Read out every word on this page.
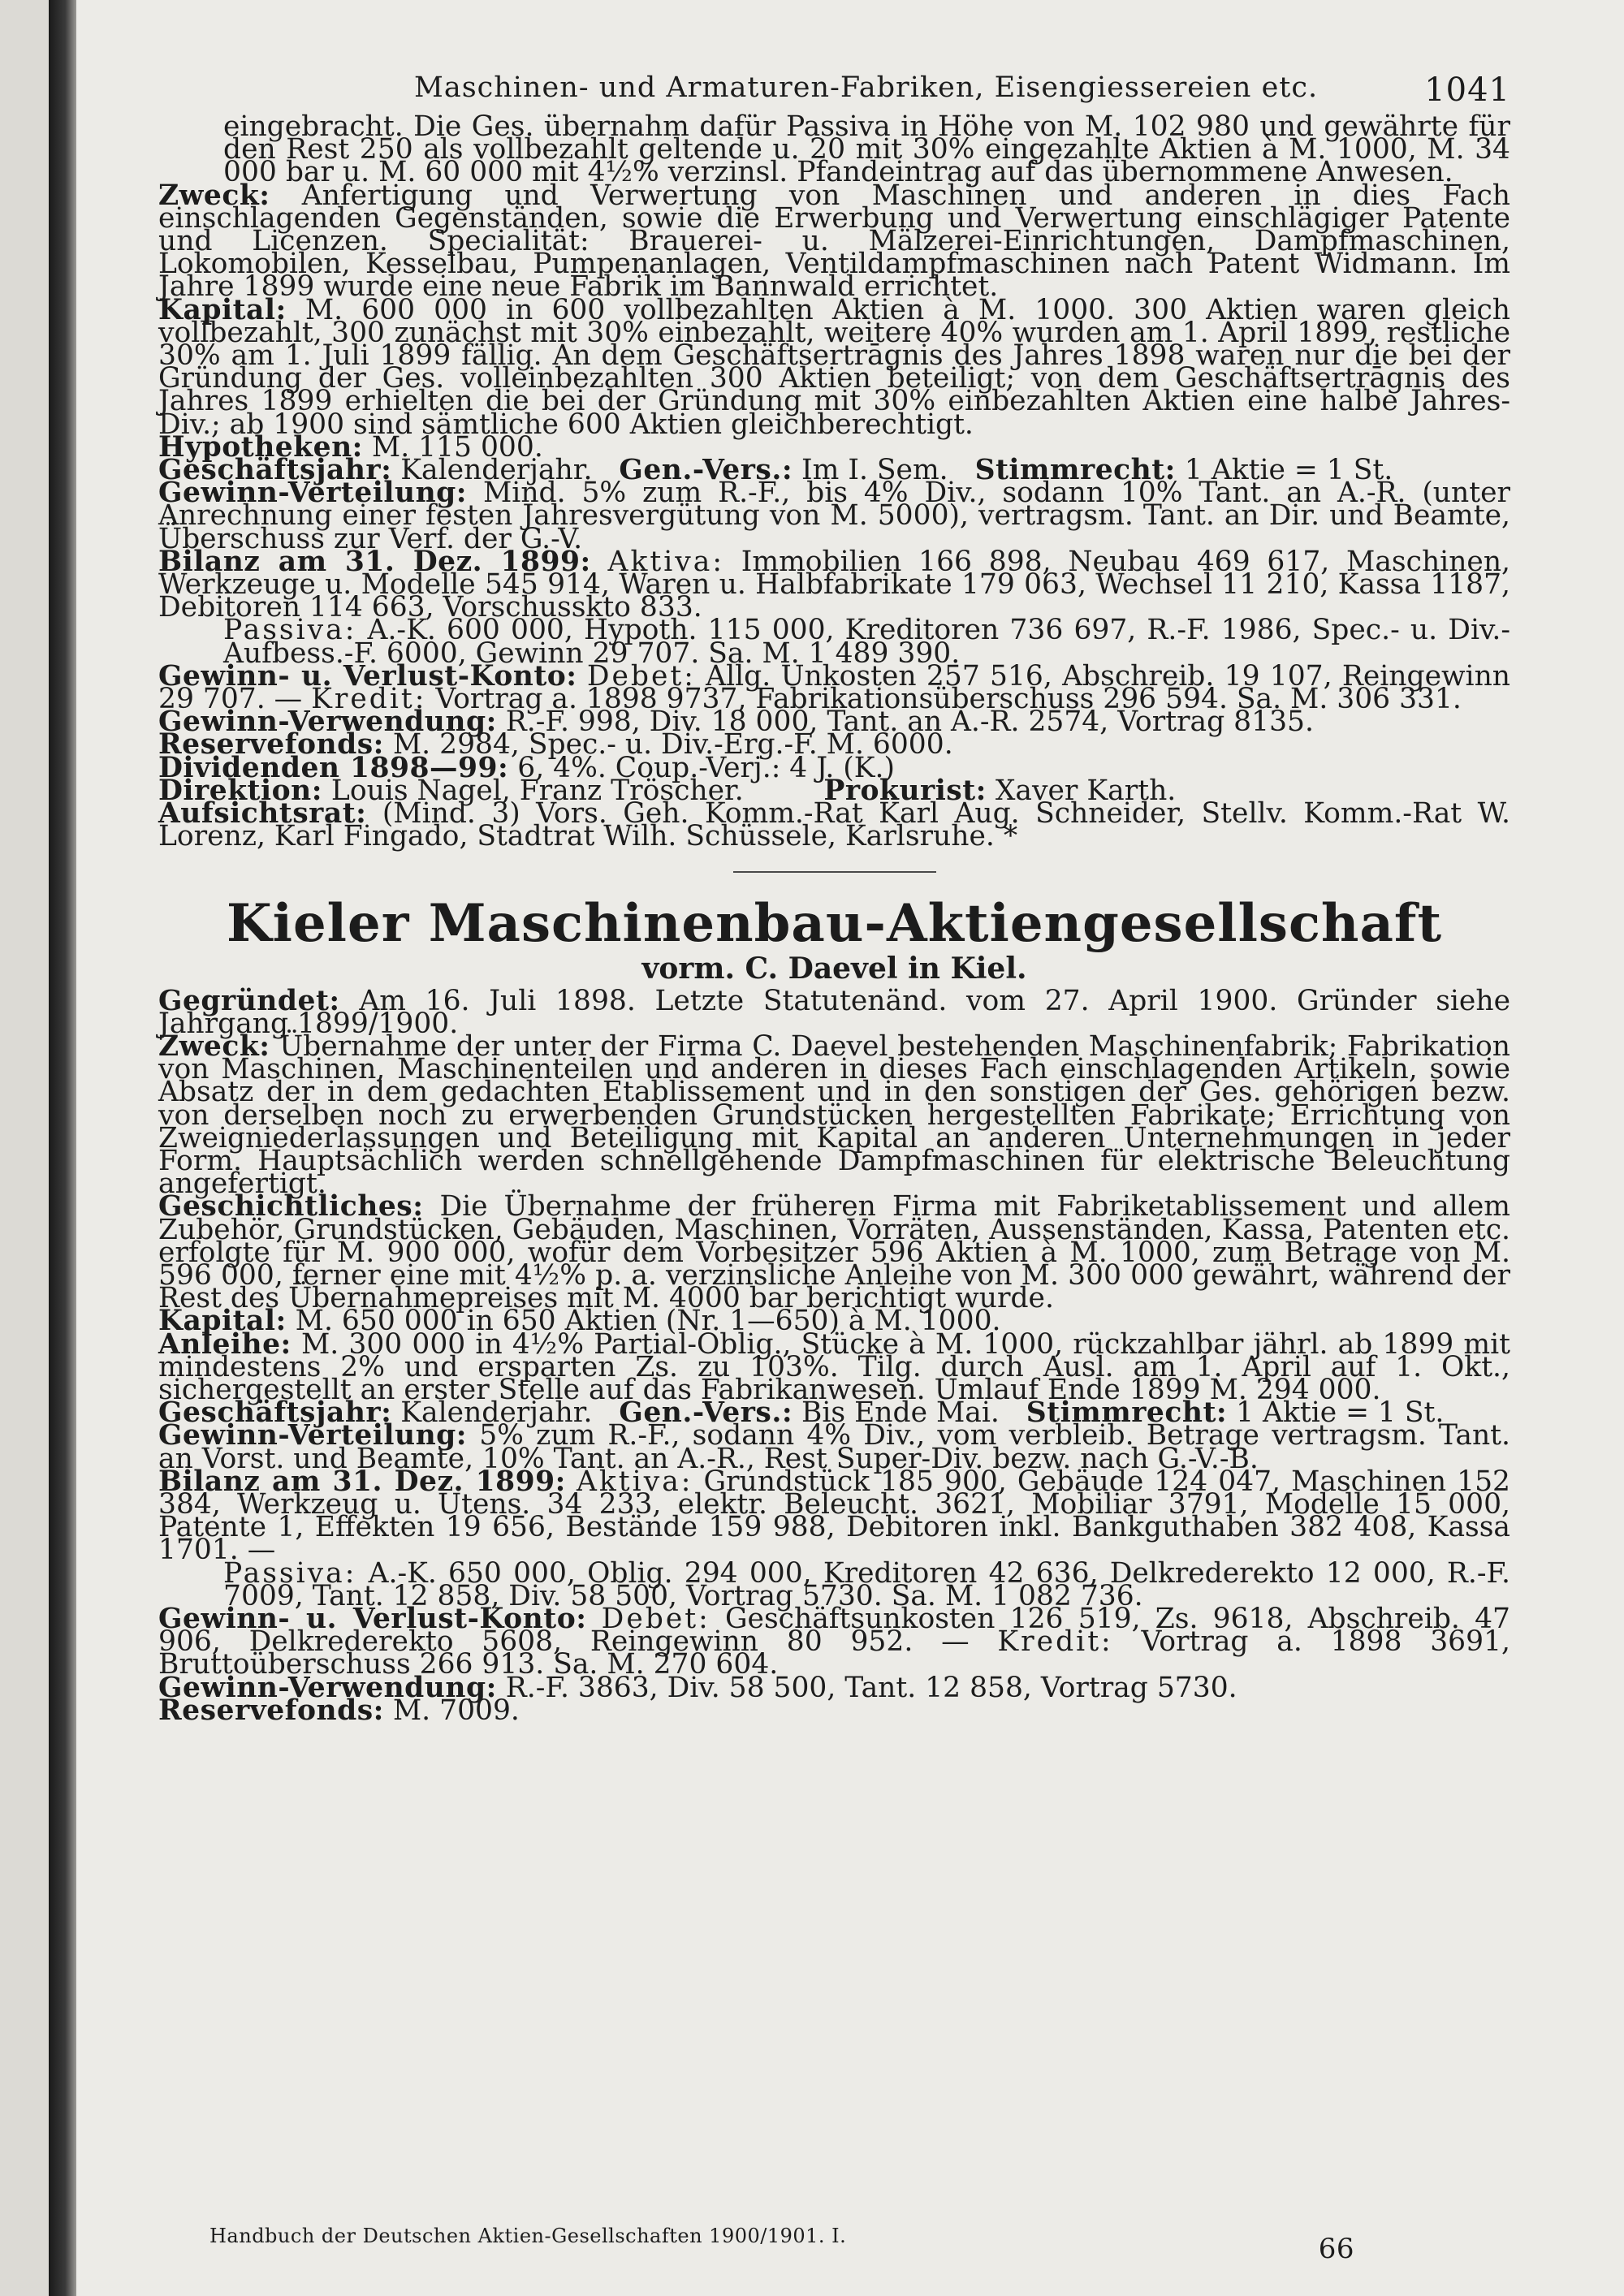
Maschinen- und Armaturen-Fabriken, Eisengiessereien etc.	1041

eingebracht. Die Ges. übernahm dafür Passiva in Höhe von M. 102 980 und gewährte für den Rest 250 als vollbezahlt geltende u. 20 mit 30% eingezahlte Aktien à M. 1000, M. 34 000 bar u. M. 60 000 mit 4½% verzinsl. Pfandeintrag auf das übernommene Anwesen.

Zweck: Anfertigung und Verwertung von Maschinen und anderen in dies Fach einschlagenden Gegenständen, sowie die Erwerbung und Verwertung einschlägiger Patente und Licenzen. Specialität: Brauerei- u. Mälzerei-Einrichtungen, Dampfmaschinen, Lokomobilen, Kesselbau, Pumpenanlagen, Ventildampfmaschinen nach Patent Widmann. Im Jahre 1899 wurde eine neue Fabrik im Bannwald errichtet.

Kapital: M. 600 000 in 600 vollbezahlten Aktien à M. 1000. 300 Aktien waren gleich vollbezahlt, 300 zunächst mit 30% einbezahlt, weitere 40% wurden am 1. April 1899, restliche 30% am 1. Juli 1899 fällig. An dem Geschäftsertrāgnis des Jahres 1898 waren nur die bei der Gründung der Ges. volleinbezahlten 300 Aktien beteiligt; von dem Geschäftsertrāgnis des Jahres 1899 erhielten die bei der Gründung mit 30% einbezahlten Aktien eine halbe Jahres-Div.; ab 1900 sind sämtliche 600 Aktien gleichberechtigt.

Hypotheken: M. 115 000.

Geschäftsjahr: Kalenderjahr. Gen.-Vers.: Im I. Sem. Stimmrecht: 1 Aktie = 1 St.

Gewinn-Verteilung: Mind. 5% zum R.-F., bis 4% Div., sodann 10% Tant. an A.-R. (unter Anrechnung einer festen Jahresvergütung von M. 5000), vertragsm. Tant. an Dir. und Beamte, Überschuss zur Verf. der G.-V.

Bilanz am 31. Dez. 1899: Aktiva: Immobilien 166 898, Neubau 469 617, Maschinen, Werkzeuge u. Modelle 545 914, Waren u. Halbfabrikate 179 063, Wechsel 11 210, Kassa 1187, Debitoren 114 663, Vorschusskto 833.

Passiva: A.-K. 600 000, Hypoth. 115 000, Kreditoren 736 697, R.-F. 1986, Spec.- u. Div.-Aufbess.-F. 6000, Gewinn 29 707. Sa. M. 1 489 390.

Gewinn- u. Verlust-Konto: Debet: Allg. Unkosten 257 516, Abschreib. 19 107, Reingewinn 29 707. — Kredit: Vortrag a. 1898 9737, Fabrikationsüberschuss 296 594. Sa. M. 306 331.

Gewinn-Verwendung: R.-F. 998, Div. 18 000, Tant. an A.-R. 2574, Vortrag 8135.

Reservefonds: M. 2984, Spec.- u. Div.-Erg.-F. M. 6000.

Dividenden 1898—99: 6, 4%. Coup.-Verj.: 4 J. (K.)

Direktion: Louis Nagel, Franz Tröscher.	Prokurist: Xaver Karth.

Aufsichtsrat: (Mind. 3) Vors. Geh. Komm.-Rat Karl Aug. Schneider, Stellv. Komm.-Rat W. Lorenz, Karl Fingado, Stadtrat Wilh. Schüssele, Karlsruhe. *

Kieler Maschinenbau-Aktiengesellschaft
vorm. C. Daevel in Kiel.

Gegründet: Am 16. Juli 1898. Letzte Statutenänd. vom 27. April 1900. Gründer siehe Jahrgang 1899/1900.

Zweck: Übernahme der unter der Firma C. Daevel bestehenden Maschinenfabrik; Fabrikation von Maschinen, Maschinenteilen und anderen in dieses Fach einschlagenden Artikeln, sowie Absatz der in dem gedachten Etablissement und in den sonstigen der Ges. gehörigen bezw. von derselben noch zu erwerbenden Grundstücken hergestellten Fabrikate; Errichtung von Zweigniederlassungen und Beteiligung mit Kapital an anderen Unternehmungen in jeder Form. Hauptsächlich werden schnellgehende Dampfmaschinen für elektrische Beleuchtung angefertigt.

Geschichtliches: Die Übernahme der früheren Firma mit Fabriketablissement und allem Zubehör, Grundstücken, Gebäuden, Maschinen, Vorräten, Aussenständen, Kassa, Patenten etc. erfolgte für M. 900 000, wofür dem Vorbesitzer 596 Aktien à M. 1000, zum Betrage von M. 596 000, ferner eine mit 4½% p. a. verzinsliche Anleihe von M. 300 000 gewährt, während der Rest des Übernahmepreises mit M. 4000 bar berichtigt wurde.

Kapital: M. 650 000 in 650 Aktien (Nr. 1—650) à M. 1000.

Anleihe: M. 300 000 in 4½% Partial-Oblig., Stücke à M. 1000, rückzahlbar jährl. ab 1899 mit mindestens 2% und ersparten Zs. zu 103%. Tilg. durch Ausl. am 1. April auf 1. Okt., sichergestellt an erster Stelle auf das Fabrikanwesen. Umlauf Ende 1899 M. 294 000.

Geschäftsjahr: Kalenderjahr. Gen.-Vers.: Bis Ende Mai. Stimmrecht: 1 Aktie = 1 St.

Gewinn-Verteilung: 5% zum R.-F., sodann 4% Div., vom verbleib. Betrage vertragsm. Tant. an Vorst. und Beamte, 10% Tant. an A.-R., Rest Super-Div. bezw. nach G.-V.-B.

Bilanz am 31. Dez. 1899: Aktiva: Grundstück 185 900, Gebäude 124 047, Maschinen 152 384, Werkzeug u. Utens. 34 233, elektr. Beleucht. 3621, Mobiliar 3791, Modelle 15 000, Patente 1, Effekten 19 656, Bestände 159 988, Debitoren inkl. Bankguthaben 382 408, Kassa 1701. —

Passiva: A.-K. 650 000, Oblig. 294 000, Kreditoren 42 636, Delkrederekto 12 000, R.-F. 7009, Tant. 12 858, Div. 58 500, Vortrag 5730. Sa. M. 1 082 736.

Gewinn- u. Verlust-Konto: Debet: Geschäftsunkosten 126 519, Zs. 9618, Abschreib. 47 906, Delkrederekto 5608, Reingewinn 80 952. — Kredit: Vortrag a. 1898 3691, Bruttoüberschuss 266 913. Sa. M. 270 604.

Gewinn-Verwendung: R.-F. 3863, Div. 58 500, Tant. 12 858, Vortrag 5730.

Reservefonds: M. 7009.

Handbuch der Deutschen Aktien-Gesellschaften 1900/1901. I.	66
